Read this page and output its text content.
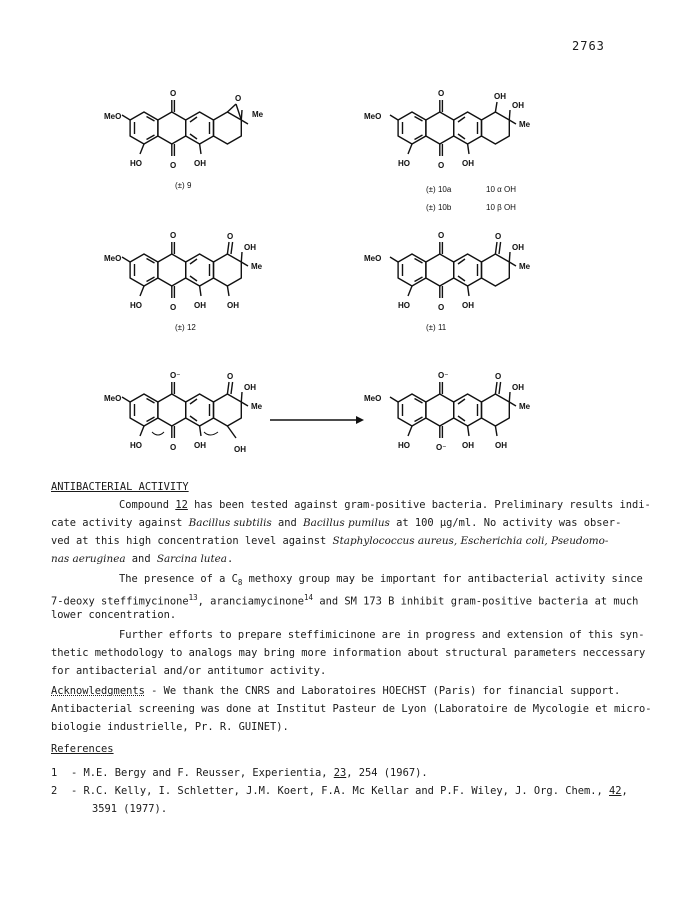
2763
MeO
O
O
HO	OH
O
Me
(±) 9
MeO
O
O
HO	OH
OH
OH
Me
(±) 10a	10 α OH
(±) 10b	10 β OH
MeO
O
O
O
HO	OH
OH
Me
OH
(±) 12
MeO
O
O
O
HO	OH
OH
Me
(±) 11
MeO
O⁻
O
O
HO	OH
OH
Me
OH
MeO
O⁻
O⁻
O
HO	OH
OH
Me
OH
ANTIBACTERIAL ACTIVITY
Compound 12 has been tested against gram-positive bacteria. Preliminary results indi-
cate activity against Bacillus subtilis and Bacillus pumilus at 100 µg/ml. No activity was obser-
ved at this high concentration level against Staphylococcus aureus, Escherichia coli, Pseudomo-
nas aeruginea and Sarcina lutea.
The presence of a $C_8$ methoxy group may be important for antibacterial activity since
7-deoxy steffimycinone$^{13}$, aranciamycinone$^{14}$ and SM 173 B inhibit gram-positive bacteria at much
lower concentration.
Further efforts to prepare steffimicinone are in progress and extension of this syn-
thetic methodology to analogs may bring more information about structural parameters neccessary
for antibacterial and/or antitumor activity.
Acknowledgments - We thank the CNRS and Laboratoires HOECHST (Paris) for financial support.
Antibacterial screening was done at Institut Pasteur de Lyon (Laboratoire de Mycologie et micro-
biologie industrielle, Pr. R. GUINET).
References
1 - M.E. Bergy and F. Reusser, Experientia, 23, 254 (1967).
2 - R.C. Kelly, I. Schletter, J.M. Koert, F.A. Mc Kellar and P.F. Wiley, J. Org. Chem., 42,
3591 (1977).
